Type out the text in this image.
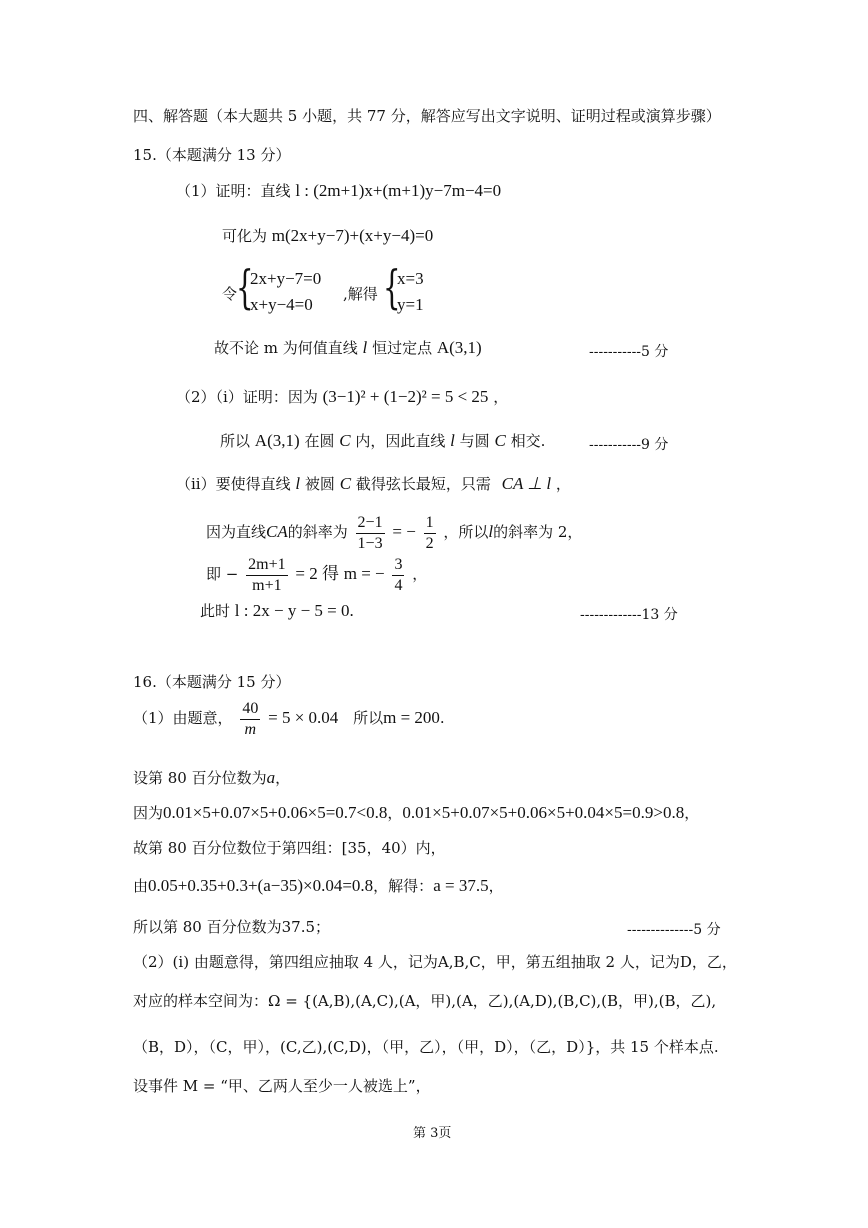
四、解答题（本大题共 5 小题，共 77 分，解答应写出文字说明、证明过程或演算步骤）
15.（本题满分 13 分）
（1）证明：直线 l : (2m+1)x+(m+1)y−7m−4=0
可化为 m(2x+y−7)+(x+y−4)=0
令
{
2x+y−7=0
x+y−4=0
,解得 {
x=3
y=1
故不论 m 为何值直线 l 恒过定点 A(3,1)	-----------5 分
（2）（i）证明：因为 (3−1)² + (1−2)² = 5 < 25 ，
所以 A(3,1) 在圆 C 内，因此直线 l 与圆 C 相交.	-----------9 分
（ii）要使得直线 l 被圆 C 截得弦长最短，只需 CA ⊥ l ，
因为直线CA的斜率为 $\frac{2-1}{1-3}$ = − $\frac{1}{2}$ ，所以l的斜率为 2，
即 − $\frac{2m+1}{m+1} = 2$ 得 m = − $\frac{3}{4}$ ，
此时 l : 2x − y − 5 = 0.	-------------13 分
16.（本题满分 15 分）
（1）由题意， $\frac{40}{m} = 5 \times 0.04$ 所以m = 200.
设第 80 百分位数为a，
因为0.01×5+0.07×5+0.06×5=0.7<0.8，0.01×5+0.07×5+0.06×5+0.04×5=0.9>0.8，
故第 80 百分位数位于第四组：[35，40）内，
由0.05+0.35+0.3+(a−35)×0.04=0.8，解得：a = 37.5，
所以第 80 百分位数为37.5；	--------------5 分
（2）(i) 由题意得，第四组应抽取 4 人，记为A,B,C，甲，第五组抽取 2 人，记为D，乙，
对应的样本空间为：Ω = {(A,B),(A,C),(A，甲),(A，乙),(A,D),(B,C),(B，甲),(B，乙),
（B，D），（C，甲），(C,乙),(C,D)，（甲，乙），（甲，D），（乙，D）}，共 15 个样本点.
设事件 M = “甲、乙两人至少一人被选上”，
第 3页
